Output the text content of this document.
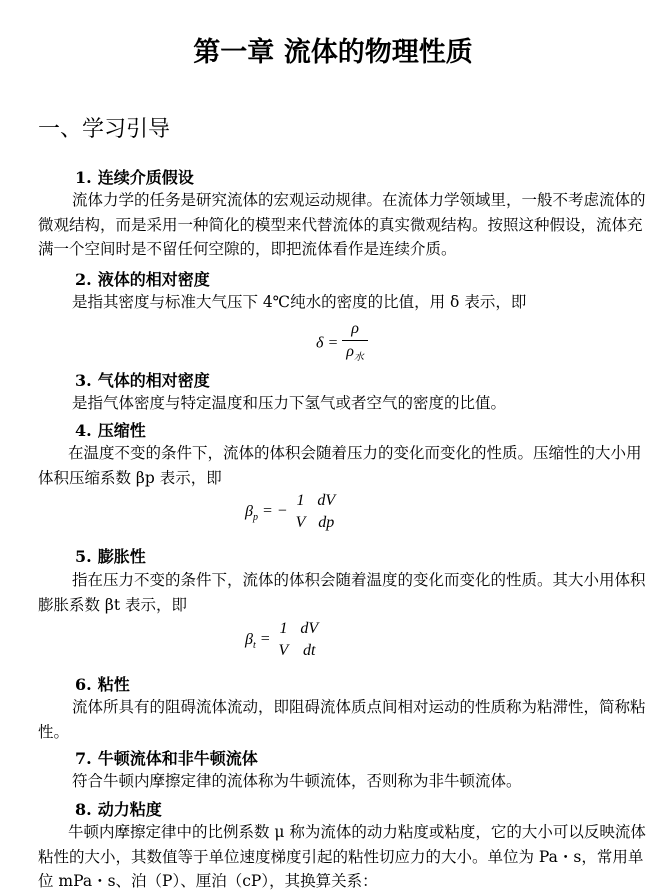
第一章 流体的物理性质
一、学习引导
1. 连续介质假设
流体力学的任务是研究流体的宏观运动规律。在流体力学领域里，一般不考虑流体的微观结构，而是采用一种简化的模型来代替流体的真实微观结构。按照这种假设，流体充满一个空间时是不留任何空隙的，即把流体看作是连续介质。
2. 液体的相对密度
是指其密度与标准大气压下 4℃纯水的密度的比值，用 δ 表示，即
$\delta = \frac{\rho}{\rho_水}$
3. 气体的相对密度
是指气体密度与特定温度和压力下氢气或者空气的密度的比值。
4. 压缩性
在温度不变的条件下，流体的体积会随着压力的变化而变化的性质。压缩性的大小用体积压缩系数 βp 表示，即
$\beta_p$ = −
1
V

dV
dp
5. 膨胀性
指在压力不变的条件下，流体的体积会随着温度的变化而变化的性质。其大小用体积膨胀系数 βt 表示，即
$\beta_t$ =
1
V

dV
dt
6. 粘性
流体所具有的阻碍流体流动，即阻碍流体质点间相对运动的性质称为粘滞性，简称粘性。
7. 牛顿流体和非牛顿流体
符合牛顿内摩擦定律的流体称为牛顿流体，否则称为非牛顿流体。
8. 动力粘度
牛顿内摩擦定律中的比例系数 μ 称为流体的动力粘度或粘度，它的大小可以反映流体粘性的大小，其数值等于单位速度梯度引起的粘性切应力的大小。单位为 Pa・s，常用单位 mPa・s、泊（P）、厘泊（cP），其换算关系：
